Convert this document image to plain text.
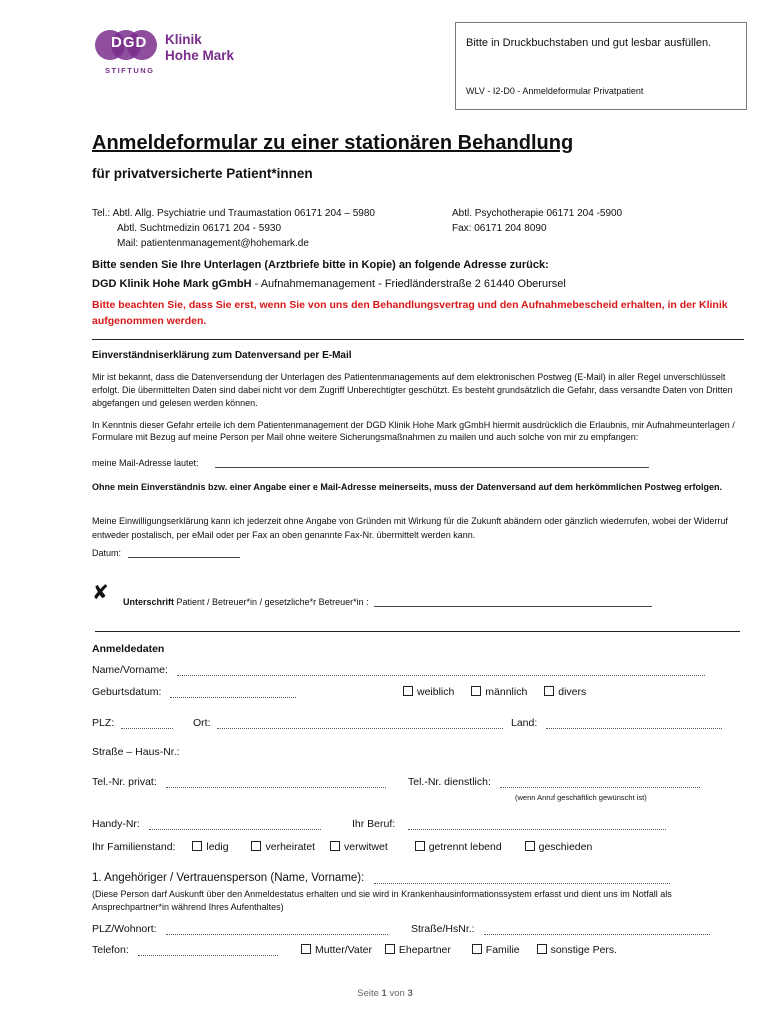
DGD Klinik
Hohe Mark
STIFTUNG
Bitte in Druckbuchstaben und gut lesbar ausfüllen.
WLV - I2-D0 - Anmeldeformular Privatpatient
Anmeldeformular zu einer stationären Behandlung
für privatversicherte Patient*innen
Tel.: Abtl. Allg. Psychiatrie und Traumastation 06171 204 – 5980
Abtl. Suchtmedizin 06171 204 - 5930
Mail: patientenmanagement@hohemark.de
Abtl. Psychotherapie 06171 204 -5900
Fax: 06171 204 8090
Bitte senden Sie Ihre Unterlagen (Arztbriefe bitte in Kopie) an folgende Adresse zurück:
DGD Klinik Hohe Mark gGmbH - Aufnahmemanagement - Friedländerstraße 2 61440 Oberursel
Bitte beachten Sie, dass Sie erst, wenn Sie von uns den Behandlungsvertrag und den Aufnahmebescheid erhalten, in der Klinik aufgenommen werden.
Einverständniserklärung zum Datenversand per E-Mail
Mir ist bekannt, dass die Datenversendung der Unterlagen des Patientenmanagements auf dem elektronischen Postweg (E-Mail) in aller Regel unverschlüsselt erfolgt. Die übermittelten Daten sind dabei nicht vor dem Zugriff Unberechtigter geschützt. Es besteht grundsätzlich die Gefahr, dass versandte Daten von Dritten abgefangen und gelesen werden können.
In Kenntnis dieser Gefahr erteile ich dem Patientenmanagement der DGD Klinik Hohe Mark gGmbH hiermit ausdrücklich die Erlaubnis, mir Aufnahmeunterlagen / Formulare mit Bezug auf meine Person per Mail ohne weitere Sicherungsmaßnahmen zu mailen und auch solche von mir zu empfangen:
meine Mail-Adresse lautet:
Ohne mein Einverständnis bzw. einer Angabe einer e Mail-Adresse meinerseits, muss der Datenversand auf dem herkömmlichen Postweg erfolgen.
Meine Einwilligungserklärung kann ich jederzeit ohne Angabe von Gründen mit Wirkung für die Zukunft abändern oder gänzlich wiederrufen, wobei der Widerruf entweder postalisch, per eMail oder per Fax an oben genannte Fax-Nr. übermittelt werden kann.
Datum:
✘ Unterschrift Patient / Betreuer*in / gesetzliche*r Betreuer*in :
Anmeldedaten
Name/Vorname:
Geburtsdatum:	weiblich	männlich	divers
PLZ:	Ort:	Land:
Straße – Haus-Nr.:
Tel.-Nr. privat:	Tel.-Nr. dienstlich:
(wenn Anruf geschäftlich gewünscht ist)
Handy-Nr:	Ihr Beruf:
Ihr Familienstand:	ledig	verheiratet	verwitwet	getrennt lebend	geschieden
1. Angehöriger / Vertrauensperson (Name, Vorname):
(Diese Person darf Auskunft über den Anmeldestatus erhalten und sie wird in Krankenhausinformationssystem erfasst und dient uns im Notfall als Ansprechpartner*in während Ihres Aufenthaltes)
PLZ/Wohnort:	Straße/HsNr.:
Telefon:	Mutter/Vater	Ehepartner	Familie	sonstige Pers.
Seite 1 von 3
